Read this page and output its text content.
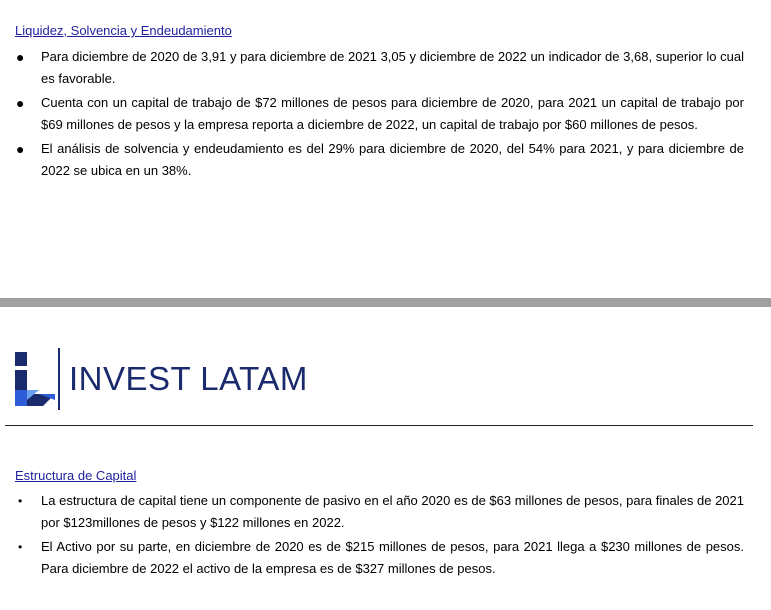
Liquidez, Solvencia y Endeudamiento
● Para diciembre de 2020 de 3,91 y para diciembre de 2021 3,05 y diciembre de 2022 un indicador de 3,68, superior lo cual es favorable.
● Cuenta con un capital de trabajo de $72 millones de pesos para diciembre de 2020, para 2021 un capital de trabajo por $69 millones de pesos y la empresa reporta a diciembre de 2022, un capital de trabajo por $60 millones de pesos.
● El análisis de solvencia y endeudamiento es del 29% para diciembre de 2020, del 54% para 2021, y para diciembre de 2022 se ubica en un 38%.
INVEST LATAM
Estructura de Capital
• La estructura de capital tiene un componente de pasivo en el año 2020 es de $63 millones de pesos, para finales de 2021 por $123millones de pesos y $122 millones en 2022.
• El Activo por su parte, en diciembre de 2020 es de $215 millones de pesos, para 2021 llega a $230 millones de pesos. Para diciembre de 2022 el activo de la empresa es de $327 millones de pesos.
